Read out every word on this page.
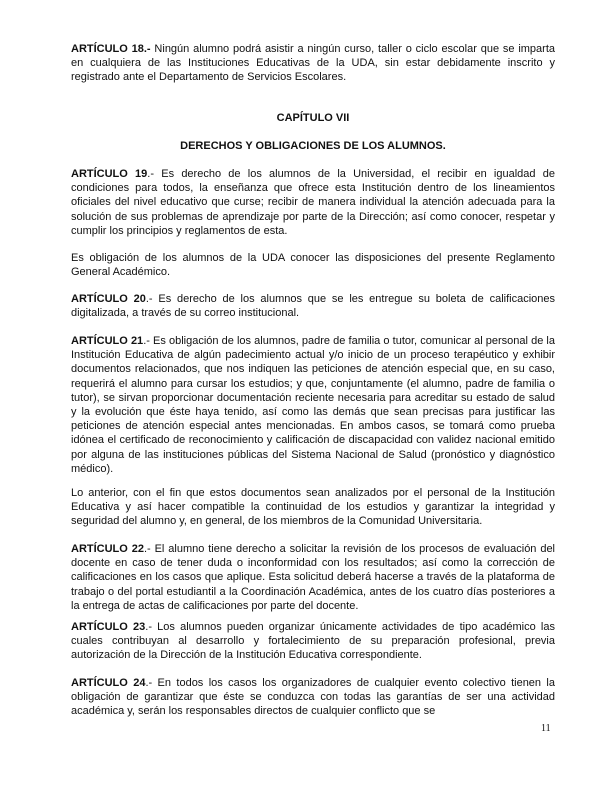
ARTÍCULO 18.- Ningún alumno podrá asistir a ningún curso, taller o ciclo escolar que se imparta en cualquiera de las Instituciones Educativas de la UDA, sin estar debidamente inscrito y registrado ante el Departamento de Servicios Escolares.

CAPÍTULO VII
DERECHOS Y OBLIGACIONES DE LOS ALUMNOS.

ARTÍCULO 19.- Es derecho de los alumnos de la Universidad, el recibir en igualdad de condiciones para todos, la enseñanza que ofrece esta Institución dentro de los lineamientos oficiales del nivel educativo que curse; recibir de manera individual la atención adecuada para la solución de sus problemas de aprendizaje por parte de la Dirección; así como conocer, respetar y cumplir los principios y reglamentos de esta.

Es obligación de los alumnos de la UDA conocer las disposiciones del presente Reglamento General Académico.

ARTÍCULO 20.- Es derecho de los alumnos que se les entregue su boleta de calificaciones digitalizada, a través de su correo institucional.

ARTÍCULO 21.- Es obligación de los alumnos, padre de familia o tutor, comunicar al personal de la Institución Educativa de algún padecimiento actual y/o inicio de un proceso terapéutico y exhibir documentos relacionados, que nos indiquen las peticiones de atención especial que, en su caso, requerirá el alumno para cursar los estudios; y que, conjuntamente (el alumno, padre de familia o tutor), se sirvan proporcionar documentación reciente necesaria para acreditar su estado de salud y la evolución que éste haya tenido, así como las demás que sean precisas para justificar las peticiones de atención especial antes mencionadas. En ambos casos, se tomará como prueba idónea el certificado de reconocimiento y calificación de discapacidad con validez nacional emitido por alguna de las instituciones públicas del Sistema Nacional de Salud (pronóstico y diagnóstico médico).

Lo anterior, con el fin que estos documentos sean analizados por el personal de la Institución Educativa y así hacer compatible la continuidad de los estudios y garantizar la integridad y seguridad del alumno y, en general, de los miembros de la Comunidad Universitaria.

ARTÍCULO 22.- El alumno tiene derecho a solicitar la revisión de los procesos de evaluación del docente en caso de tener duda o inconformidad con los resultados; así como la corrección de calificaciones en los casos que aplique. Esta solicitud deberá hacerse a través de la plataforma de trabajo o del portal estudiantil a la Coordinación Académica, antes de los cuatro días posteriores a la entrega de actas de calificaciones por parte del docente.

ARTÍCULO 23.- Los alumnos pueden organizar únicamente actividades de tipo académico las cuales contribuyan al desarrollo y fortalecimiento de su preparación profesional, previa autorización de la Dirección de la Institución Educativa correspondiente.

ARTÍCULO 24.- En todos los casos los organizadores de cualquier evento colectivo tienen la obligación de garantizar que éste se conduzca con todas las garantías de ser una actividad académica y, serán los responsables directos de cualquier conflicto que se

11
